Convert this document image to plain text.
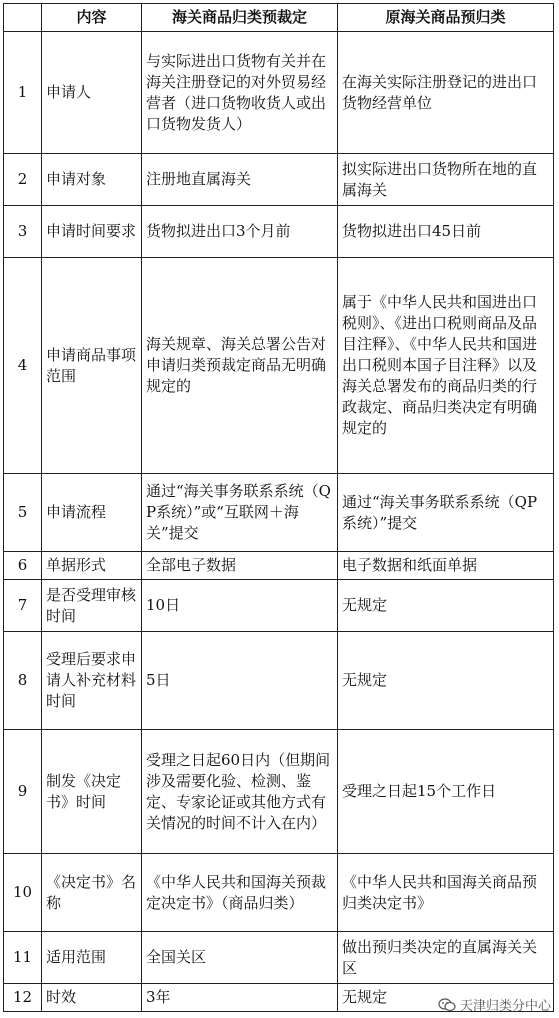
	内容	海关商品归类预裁定	原海关商品预归类
1	申请人	与实际进出口货物有关并在海关注册登记的对外贸易经营者（进口货物收货人或出口货物发货人）	在海关实际注册登记的进出口货物经营单位
2	申请对象	注册地直属海关	拟实际进出口货物所在地的直属海关
3	申请时间要求	货物拟进出口3个月前	货物拟进出口45日前
4	申请商品事项范围	海关规章、海关总署公告对申请归类预裁定商品无明确规定的	属于《中华人民共和国进出口税则》、《进出口税则商品及品目注释》、《中华人民共和国进出口税则本国子目注释》以及海关总署发布的商品归类的行政裁定、商品归类决定有明确规定的
5	申请流程	通过“海关事务联系系统（QP系统）”或“互联网＋海关”提交	通过“海关事务联系系统（QP系统）”提交
6	单据形式	全部电子数据	电子数据和纸面单据
7	是否受理审核时间	10日	无规定
8	受理后要求申请人补充材料时间	5日	无规定
9	制发《决定书》时间	受理之日起60日内（但期间涉及需要化验、检测、鉴定、专家论证或其他方式有关情况的时间不计入在内）	受理之日起15个工作日
10	《决定书》名称	《中华人民共和国海关预裁定决定书》（商品归类）	《中华人民共和国海关商品预归类决定书》
11	适用范围	全国关区	做出预归类决定的直属海关关区
12	时效	3年	无规定
天津归类分中心
